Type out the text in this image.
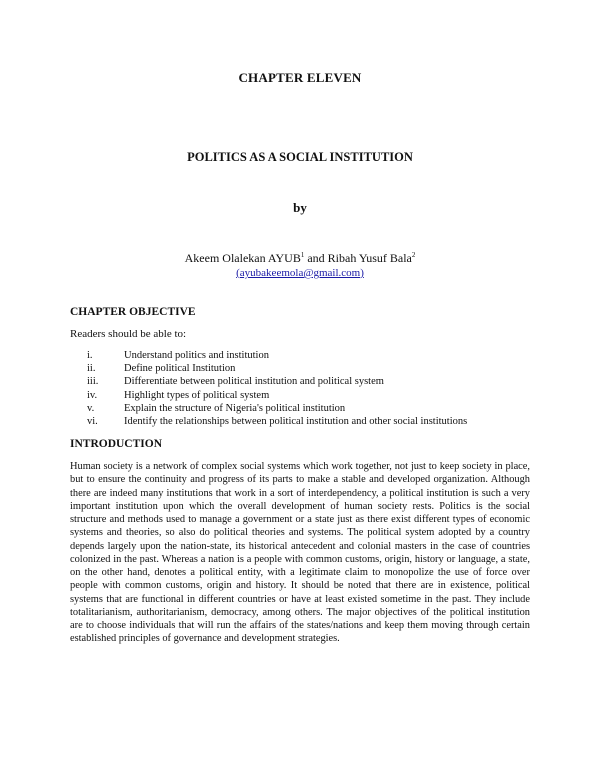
CHAPTER ELEVEN
POLITICS AS A SOCIAL INSTITUTION
by
Akeem Olalekan AYUB$^1$ and Ribah Yusuf Bala$^2$
(ayubakeemola@gmail.com)
CHAPTER OBJECTIVE
Readers should be able to:
i.	Understand politics and institution
ii.	Define political Institution
iii.	Differentiate between political institution and political system
iv.	Highlight types of political system
v.	Explain the structure of Nigeria's political institution
vi.	Identify the relationships between political institution and other social institutions
INTRODUCTION

Human society is a network of complex social systems which work together, not just to keep society in place, but to ensure the continuity and progress of its parts to make a stable and developed organization. Although there are indeed many institutions that work in a sort of interdependency, a political institution is such a very important institution upon which the overall development of human society rests. Politics is the social structure and methods used to manage a government or a state just as there exist different types of economic systems and theories, so also do political theories and systems. The political system adopted by a country depends largely upon the nation-state, its historical antecedent and colonial masters in the case of countries colonized in the past. Whereas a nation is a people with common customs, origin, history or language, a state, on the other hand, denotes a political entity, with a legitimate claim to monopolize the use of force over people with common customs, origin and history. It should be noted that there are in existence, political systems that are functional in different countries or have at least existed sometime in the past. They include totalitarianism, authoritarianism, democracy, among others. The major objectives of the political institution are to choose individuals that will run the affairs of the states/nations and keep them moving through certain established principles of governance and development strategies.
